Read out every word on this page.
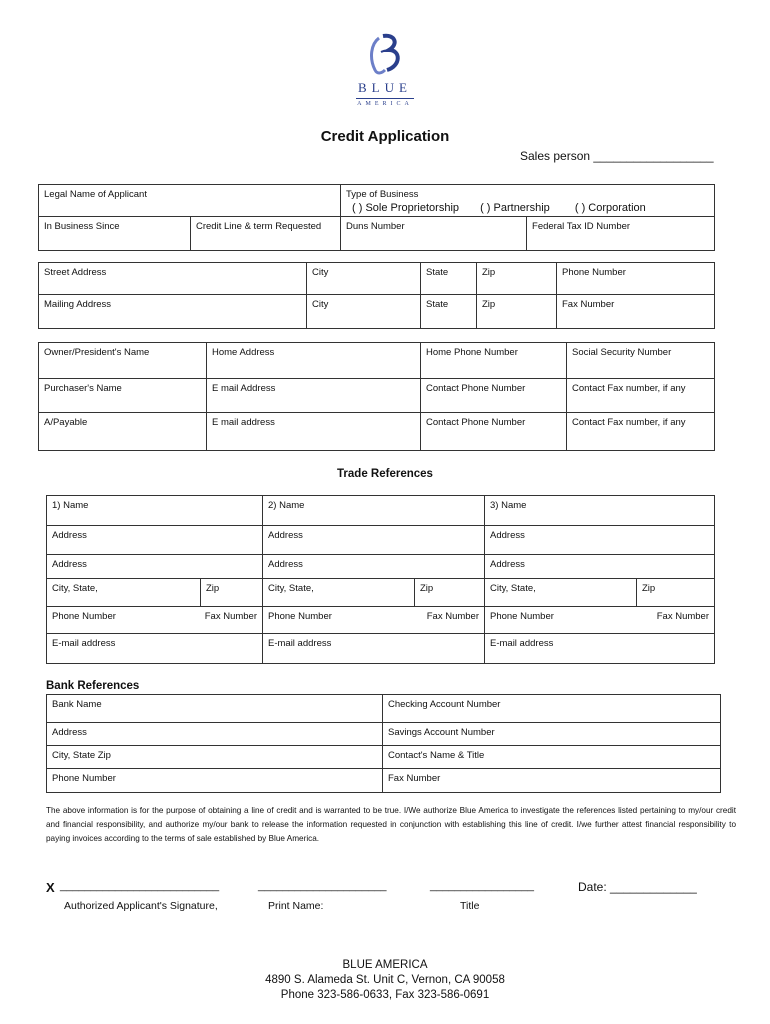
BLUE
AMERICA
Credit Application
Sales person __________________
Legal Name of Applicant		Type of Business
( ) Sole Proprietorship ( ) Partnership ( ) Corporation	

In Business Since	Credit Line & term Requested	Duns Number	Federal Tax ID Number
Street Address	City	State	Zip	Phone Number
Mailing Address	City	State	Zip	Fax Number
Owner/President's Name	Home Address	Home Phone Number	Social Security Number
Purchaser's Name	E mail Address	Contact Phone Number	Contact Fax number, if any
A/Payable	E mail address	Contact Phone Number	Contact Fax number, if any
Trade References
1) Name		2) Name		3) Name	
Address		Address		Address	
Address		Address		Address	
City, State,	Zip	City, State,	Zip	City, State,	Zip

Phone Number Fax Number		Phone Number Fax Number		Phone Number Fax Number	

E-mail address		E-mail address		E-mail address	
Bank References
Bank Name	Checking Account Number
Address	Savings Account Number
City, State Zip	Contact's Name & Title
Phone Number	Fax Number
The above information is for the purpose of obtaining a line of credit and is warranted to be true. I/We authorize Blue America to investigate the references listed pertaining to my/our credit and financial responsibility, and authorize my/our bank to release the information requested in conjunction with establishing this line of credit. I/we further attest financial responsibility to paying invoices according to the terms of sale established by Blue America.
X __________________________	_____________________	_________________	Date: _____________
Authorized Applicant's Signature,	Print Name:	Title
BLUE AMERICA
4890 S. Alameda St. Unit C, Vernon, CA 90058
Phone 323-586-0633, Fax 323-586-0691
